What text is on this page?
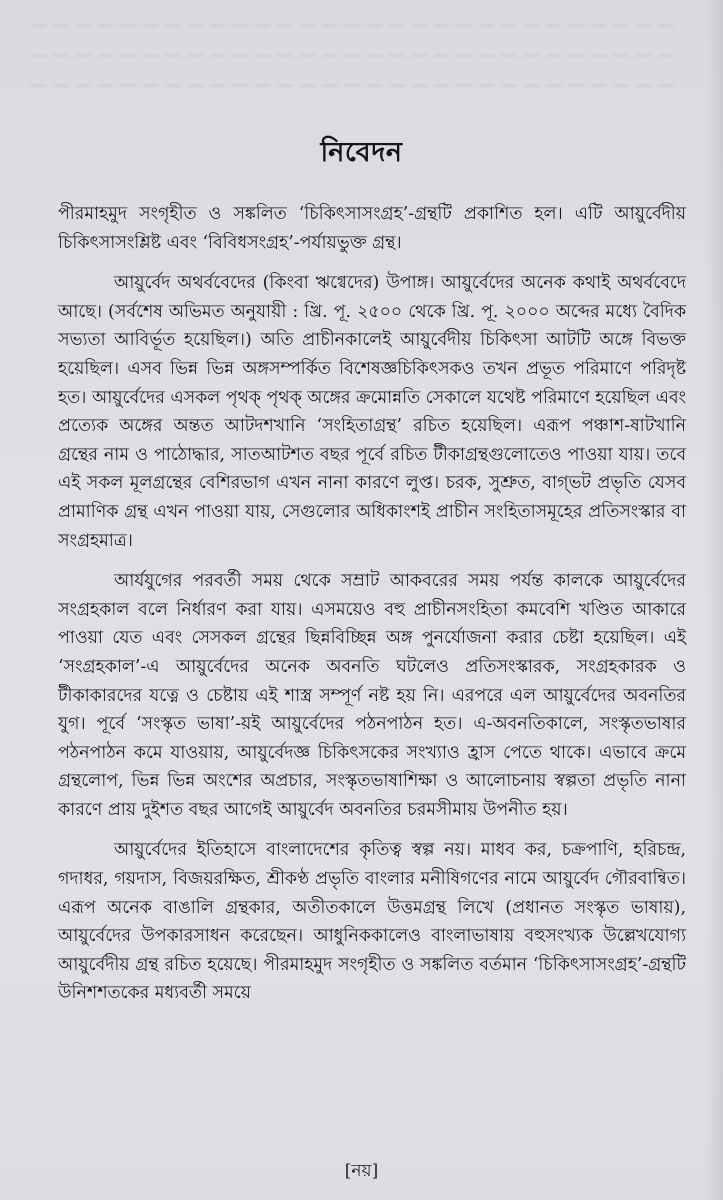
— — — — — — — — — — — — — — — — — — — — — — — — — — — — —
— — — — — — — — — — — — — — — — — — — — — — — — — — — — —
— — — — — — — — — — — — — — — — — — — — — — — — — — — — —
নিবেদন

পীরমাহমুদ সংগৃহীত ও সঙ্কলিত ‘চিকিৎসাসংগ্রহ’-গ্রন্থটি প্রকাশিত হল। এটি আয়ুর্বেদীয় চিকিৎসাসংশ্লিষ্ট এবং ‘বিবিধসংগ্রহ’-পর্যায়ভুক্ত গ্রন্থ।

আয়ুর্বেদ অথর্ববেদের (কিংবা ঋগ্বেদের) উপাঙ্গ। আয়ুর্বেদের অনেক কথাই অথর্ববেদে আছে। (সর্বশেষ অভিমত অনুযায়ী : খ্রি. পূ. ২৫০০ থেকে খ্রি. পূ. ২০০০ অব্দের মধ্যে বৈদিক সভ্যতা আবির্ভূত হয়েছিল।) অতি প্রাচীনকালেই আয়ুর্বেদীয় চিকিৎসা আটটি অঙ্গে বিভক্ত হয়েছিল। এসব ভিন্ন ভিন্ন অঙ্গসম্পর্কিত বিশেষজ্ঞচিকিৎসকও তখন প্রভূত পরিমাণে পরিদৃষ্ট হত। আয়ুর্বেদের এসকল পৃথক্ পৃথক্ অঙ্গের ক্রমোন্নতি সেকালে যথেষ্ট পরিমাণে হয়েছিল এবং প্রত্যেক অঙ্গের অন্তত আটদশখানি ‘সংহিতাগ্রন্থ’ রচিত হয়েছিল। এরূপ পঞ্চাশ-ষাটখানি গ্রন্থের নাম ও পাঠোদ্ধার, সাতআটশত বছর পূর্বে রচিত টীকাগ্রন্থগুলোতেও পাওয়া যায়। তবে এই সকল মূলগ্রন্থের বেশিরভাগ এখন নানা কারণে লুপ্ত। চরক, সুশ্রুত, বাগ্ভট প্রভৃতি যেসব প্রামাণিক গ্রন্থ এখন পাওয়া যায়, সেগুলোর অধিকাংশই প্রাচীন সংহিতাসমূহের প্রতিসংস্কার বা সংগ্রহমাত্র।

আর্যযুগের পরবর্তী সময় থেকে সম্রাট আকবরের সময় পর্যন্ত কালকে আয়ুর্বেদের সংগ্রহকাল বলে নির্ধারণ করা যায়। এসময়েও বহু প্রাচীনসংহিতা কমবেশি খণ্ডিত আকারে পাওয়া যেত এবং সেসকল গ্রন্থের ছিন্নবিচ্ছিন্ন অঙ্গ পুনর্যোজনা করার চেষ্টা হয়েছিল। এই ‘সংগ্রহকাল’-এ আয়ুর্বেদের অনেক অবনতি ঘটলেও প্রতিসংস্কারক, সংগ্রহকারক ও টীকাকারদের যত্নে ও চেষ্টায় এই শাস্ত্র সম্পূর্ণ নষ্ট হয় নি। এরপরে এল আয়ুর্বেদের অবনতির যুগ। পূর্বে ‘সংস্কৃত ভাষা’-য়ই আয়ুর্বেদের পঠনপাঠন হত। এ-অবনতিকালে, সংস্কৃতভাষার পঠনপাঠন কমে যাওয়ায়, আয়ুর্বেদজ্ঞ চিকিৎসকের সংখ্যাও হ্রাস পেতে থাকে। এভাবে ক্রমে গ্রন্থলোপ, ভিন্ন ভিন্ন অংশের অপ্রচার, সংস্কৃতভাষাশিক্ষা ও আলোচনায় স্বল্পতা প্রভৃতি নানা কারণে প্রায় দুইশত বছর আগেই আয়ুর্বেদ অবনতির চরমসীমায় উপনীত হয়।

আয়ুর্বেদের ইতিহাসে বাংলাদেশের কৃতিত্ব স্বল্প নয়। মাধব কর, চক্রপাণি, হরিচন্দ্র, গদাধর, গয়দাস, বিজয়রক্ষিত, শ্রীকণ্ঠ প্রভৃতি বাংলার মনীষিগণের নামে আয়ুর্বেদ গৌরবান্বিত। এরূপ অনেক বাঙালি গ্রন্থকার, অতীতকালে উত্তমগ্রন্থ লিখে (প্রধানত সংস্কৃত ভাষায়), আয়ুর্বেদের উপকারসাধন করেছেন। আধুনিককালেও বাংলাভাষায় বহুসংখ্যক উল্লেখযোগ্য আয়ুর্বেদীয় গ্রন্থ রচিত হয়েছে। পীরমাহমুদ সংগৃহীত ও সঙ্কলিত বর্তমান ‘চিকিৎসাসংগ্রহ’-গ্রন্থটি উনিশশতকের মধ্যবর্তী সময়ে

[নয়]
